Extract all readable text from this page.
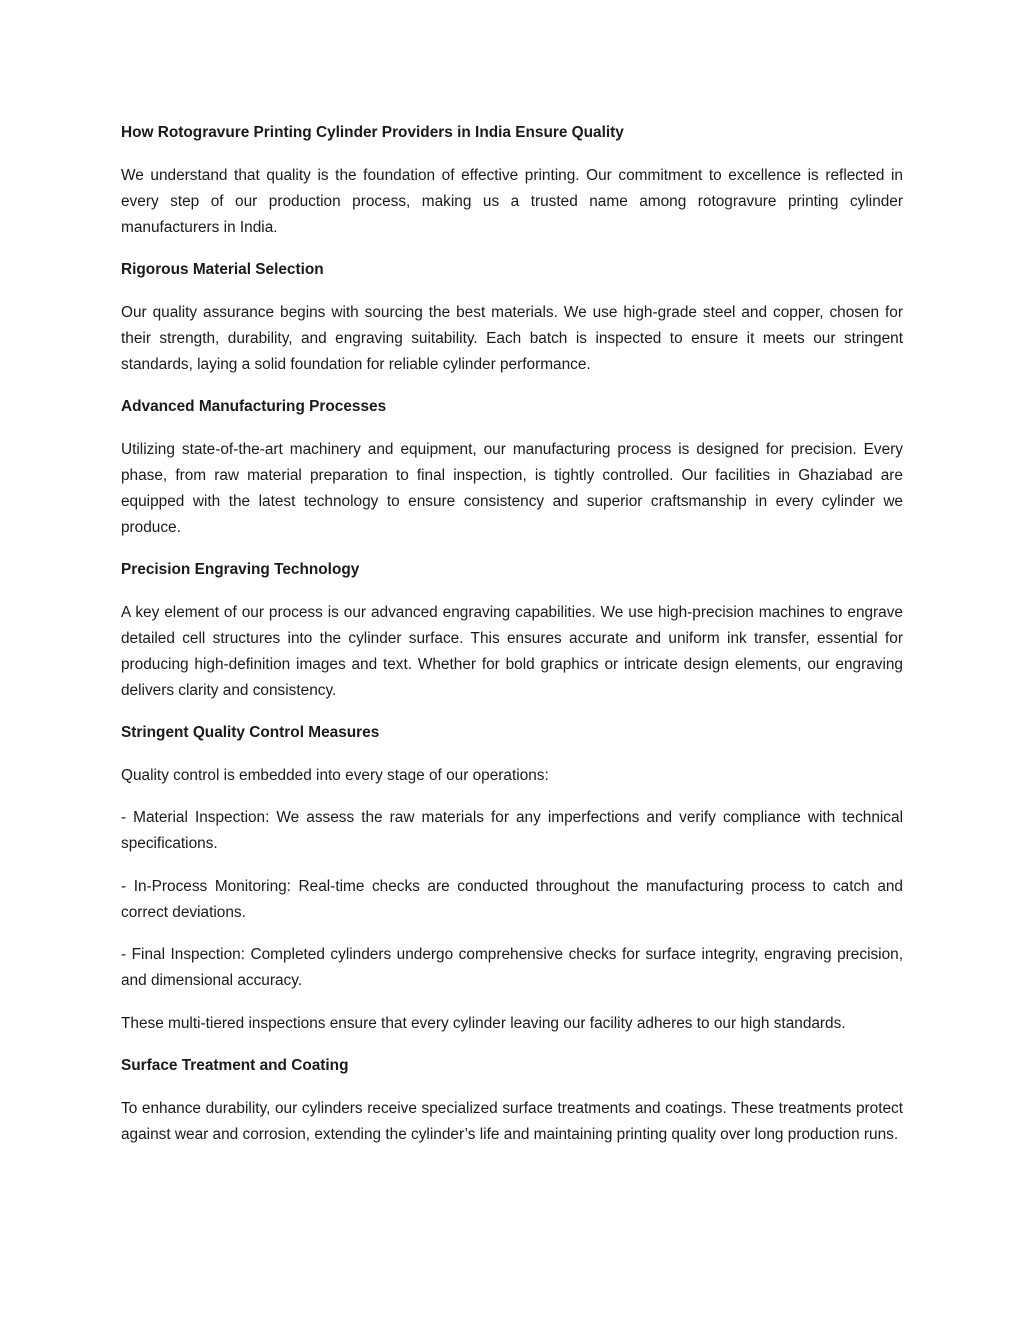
How Rotogravure Printing Cylinder Providers in India Ensure Quality

We understand that quality is the foundation of effective printing. Our commitment to excellence is reflected in every step of our production process, making us a trusted name among rotogravure printing cylinder manufacturers in India.

Rigorous Material Selection

Our quality assurance begins with sourcing the best materials. We use high-grade steel and copper, chosen for their strength, durability, and engraving suitability. Each batch is inspected to ensure it meets our stringent standards, laying a solid foundation for reliable cylinder performance.

Advanced Manufacturing Processes

Utilizing state-of-the-art machinery and equipment, our manufacturing process is designed for precision. Every phase, from raw material preparation to final inspection, is tightly controlled. Our facilities in Ghaziabad are equipped with the latest technology to ensure consistency and superior craftsmanship in every cylinder we produce.

Precision Engraving Technology

A key element of our process is our advanced engraving capabilities. We use high-precision machines to engrave detailed cell structures into the cylinder surface. This ensures accurate and uniform ink transfer, essential for producing high-definition images and text. Whether for bold graphics or intricate design elements, our engraving delivers clarity and consistency.

Stringent Quality Control Measures

Quality control is embedded into every stage of our operations:

- Material Inspection: We assess the raw materials for any imperfections and verify compliance with technical specifications.

- In-Process Monitoring: Real-time checks are conducted throughout the manufacturing process to catch and correct deviations.

- Final Inspection: Completed cylinders undergo comprehensive checks for surface integrity, engraving precision, and dimensional accuracy.

These multi-tiered inspections ensure that every cylinder leaving our facility adheres to our high standards.

Surface Treatment and Coating

To enhance durability, our cylinders receive specialized surface treatments and coatings. These treatments protect against wear and corrosion, extending the cylinder’s life and maintaining printing quality over long production runs.
